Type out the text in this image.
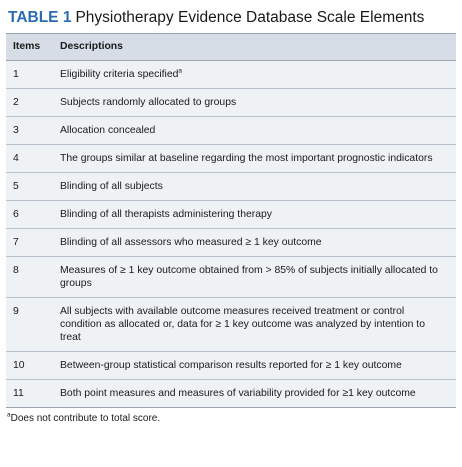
TABLE 1 Physiotherapy Evidence Database Scale Elements
Items	Descriptions
1	Eligibility criteria specified$^a$
2	Subjects randomly allocated to groups
3	Allocation concealed
4	The groups similar at baseline regarding the most important prognostic indicators
5	Blinding of all subjects
6	Blinding of all therapists administering therapy
7	Blinding of all assessors who measured ≥ 1 key outcome
8	Measures of ≥ 1 key outcome obtained from > 85% of subjects initially allocated to groups
9	All subjects with available outcome measures received treatment or control condition as allocated or, data for ≥ 1 key outcome was analyzed by intention to treat
10	Between-group statistical comparison results reported for ≥ 1 key outcome
11	Both point measures and measures of variability provided for ≥1 key outcome
$^a$Does not contribute to total score.
